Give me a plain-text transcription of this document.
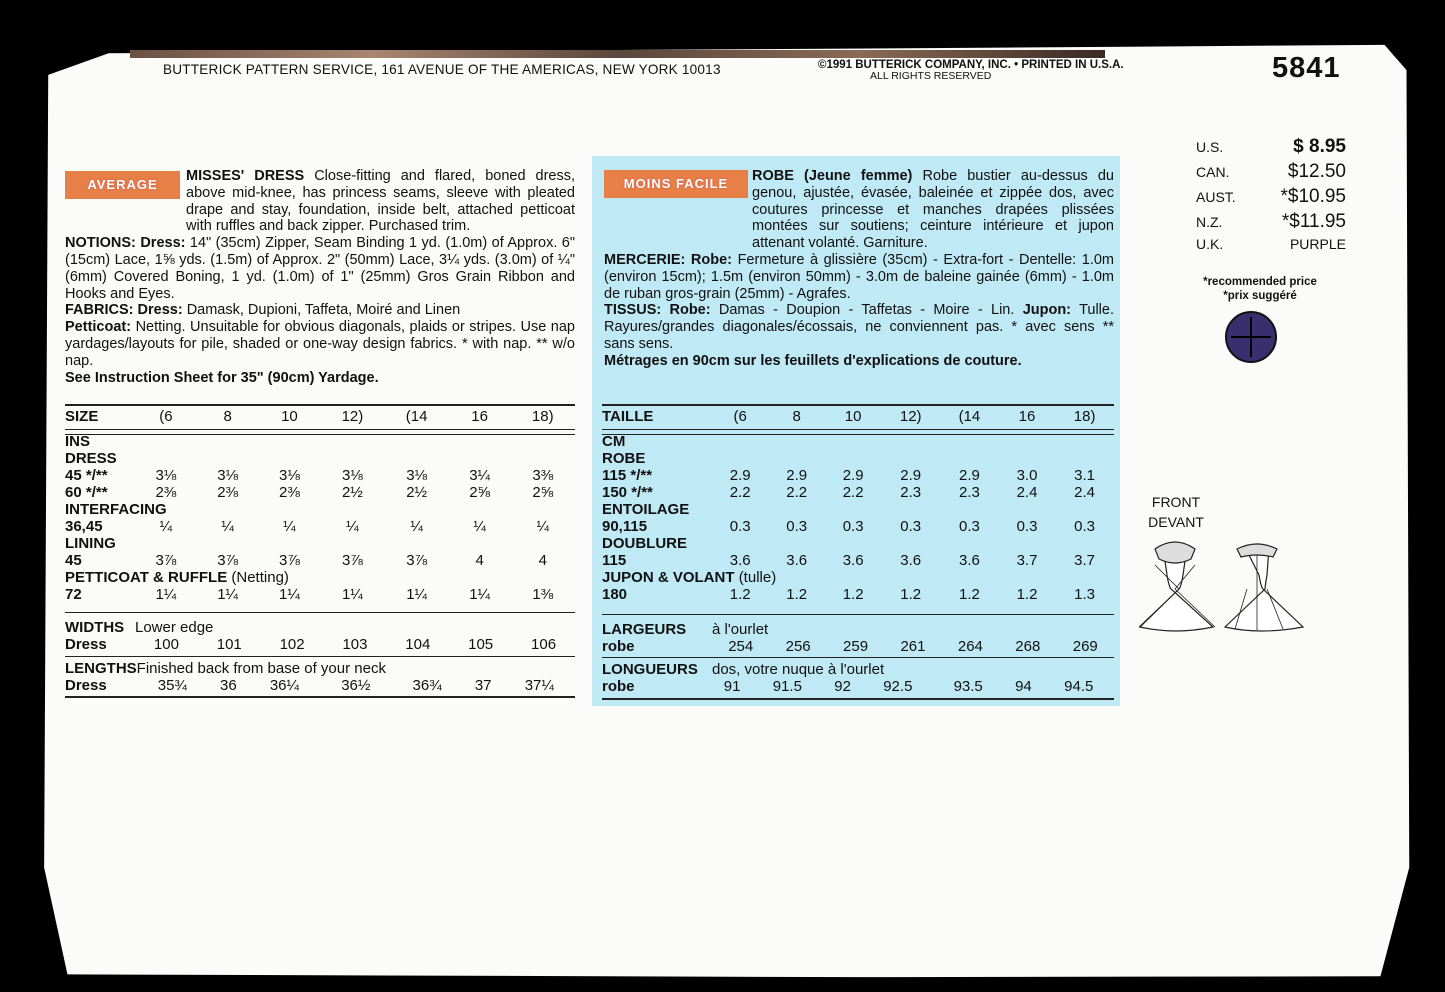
BUTTERICK PATTERN SERVICE, 161 AVENUE OF THE AMERICAS, NEW YORK 10013	©1991 BUTTERICK COMPANY, INC. • PRINTED IN U.S.A.
ALL RIGHTS RESERVED	5841
U.S.	$ 8.95
CAN.	$12.50
AUST. *$10.95
N.Z.	*$11.95
U.K.	PURPLE
*recommended price
*prix suggéré
AVERAGE
MISSES' DRESS Close-fitting and flared, boned dress, above mid-knee, has princess seams, sleeve with pleated drape and stay, foundation, inside belt, attached petticoat with ruffles and back zipper. Purchased trim.
NOTIONS: Dress: 14" (35cm) Zipper, Seam Binding 1 yd. (1.0m) of Approx. 6" (15cm) Lace, 1⅝ yds. (1.5m) of Approx. 2" (50mm) Lace, 3¼ yds. (3.0m) of ¼" (6mm) Covered Boning, 1 yd. (1.0m) of 1" (25mm) Gros Grain Ribbon and Hooks and Eyes.
FABRICS: Dress: Damask, Dupioni, Taffeta, Moiré and Linen
Petticoat: Netting. Unsuitable for obvious diagonals, plaids or stripes. Use nap yardages/layouts for pile, shaded or one-way design fabrics. * with nap. ** w/o nap.
See Instruction Sheet for 35" (90cm) Yardage.
MOINS FACILE	ROBE (Jeune femme) Robe bustier au-dessus du genou, ajustée, évasée, baleinée et zippée dos, avec coutures princesse et manches drapées plissées montées sur soutiens; ceinture intérieure et jupon attenant volanté. Garniture.
MERCERIE: Robe: Fermeture à glissière (35cm) - Extra-fort - Dentelle: 1.0m (environ 15cm); 1.5m (environ 50mm) - 3.0m de baleine gainée (6mm) - 1.0m de ruban gros-grain (25mm) - Agrafes.
TISSUS: Robe: Damas - Doupion - Taffetas - Moire - Lin. Jupon: Tulle. Rayures/grandes diagonales/écossais, ne conviennent pas. * avec sens ** sans sens.
Métrages en 90cm sur les feuillets d'explications de couture.
SIZE	(6	8	10	12)	(14	16	18)

INS							
DRESS							
45 */**	3⅛	3⅛	3⅛	3⅛	3⅛	3¼	3⅜
60 */**	2⅜	2⅜	2⅜	2½	2½	2⅝	2⅝
INTERFACING							
36,45	¼	¼	¼	¼	¼	¼	¼
LINING							
45	3⅞	3⅞	3⅞	3⅞	3⅞	4	4
PETTICOAT & RUFFLE (Netting)							
72	1¼	1¼	1¼	1¼	1¼	1¼	1⅜
WIDTHS	Lower edge						
Dress	100	101	102	103	104	105	106
LENGTHS	Finished back from base of your neck						
Dress	35¾	36	36¼	36½	36¾	37	37¼
TAILLE	(6	8	10	12)	(14	16	18)

CM							
ROBE							
115 */**	2.9	2.9	2.9	2.9	2.9	3.0	3.1
150 */**	2.2	2.2	2.2	2.3	2.3	2.4	2.4
ENTOILAGE							
90,115	0.3	0.3	0.3	0.3	0.3	0.3	0.3
DOUBLURE							
115	3.6	3.6	3.6	3.6	3.6	3.7	3.7
JUPON & VOLANT (tulle)							
180	1.2	1.2	1.2	1.2	1.2	1.2	1.3
LARGEURS	à l'ourlet						
robe	254	256	259	261	264	268	269
LONGUEURS	dos, votre nuque à l'ourlet						
robe	91	91.5	92	92.5	93.5	94	94.5
FRONT
DEVANT
